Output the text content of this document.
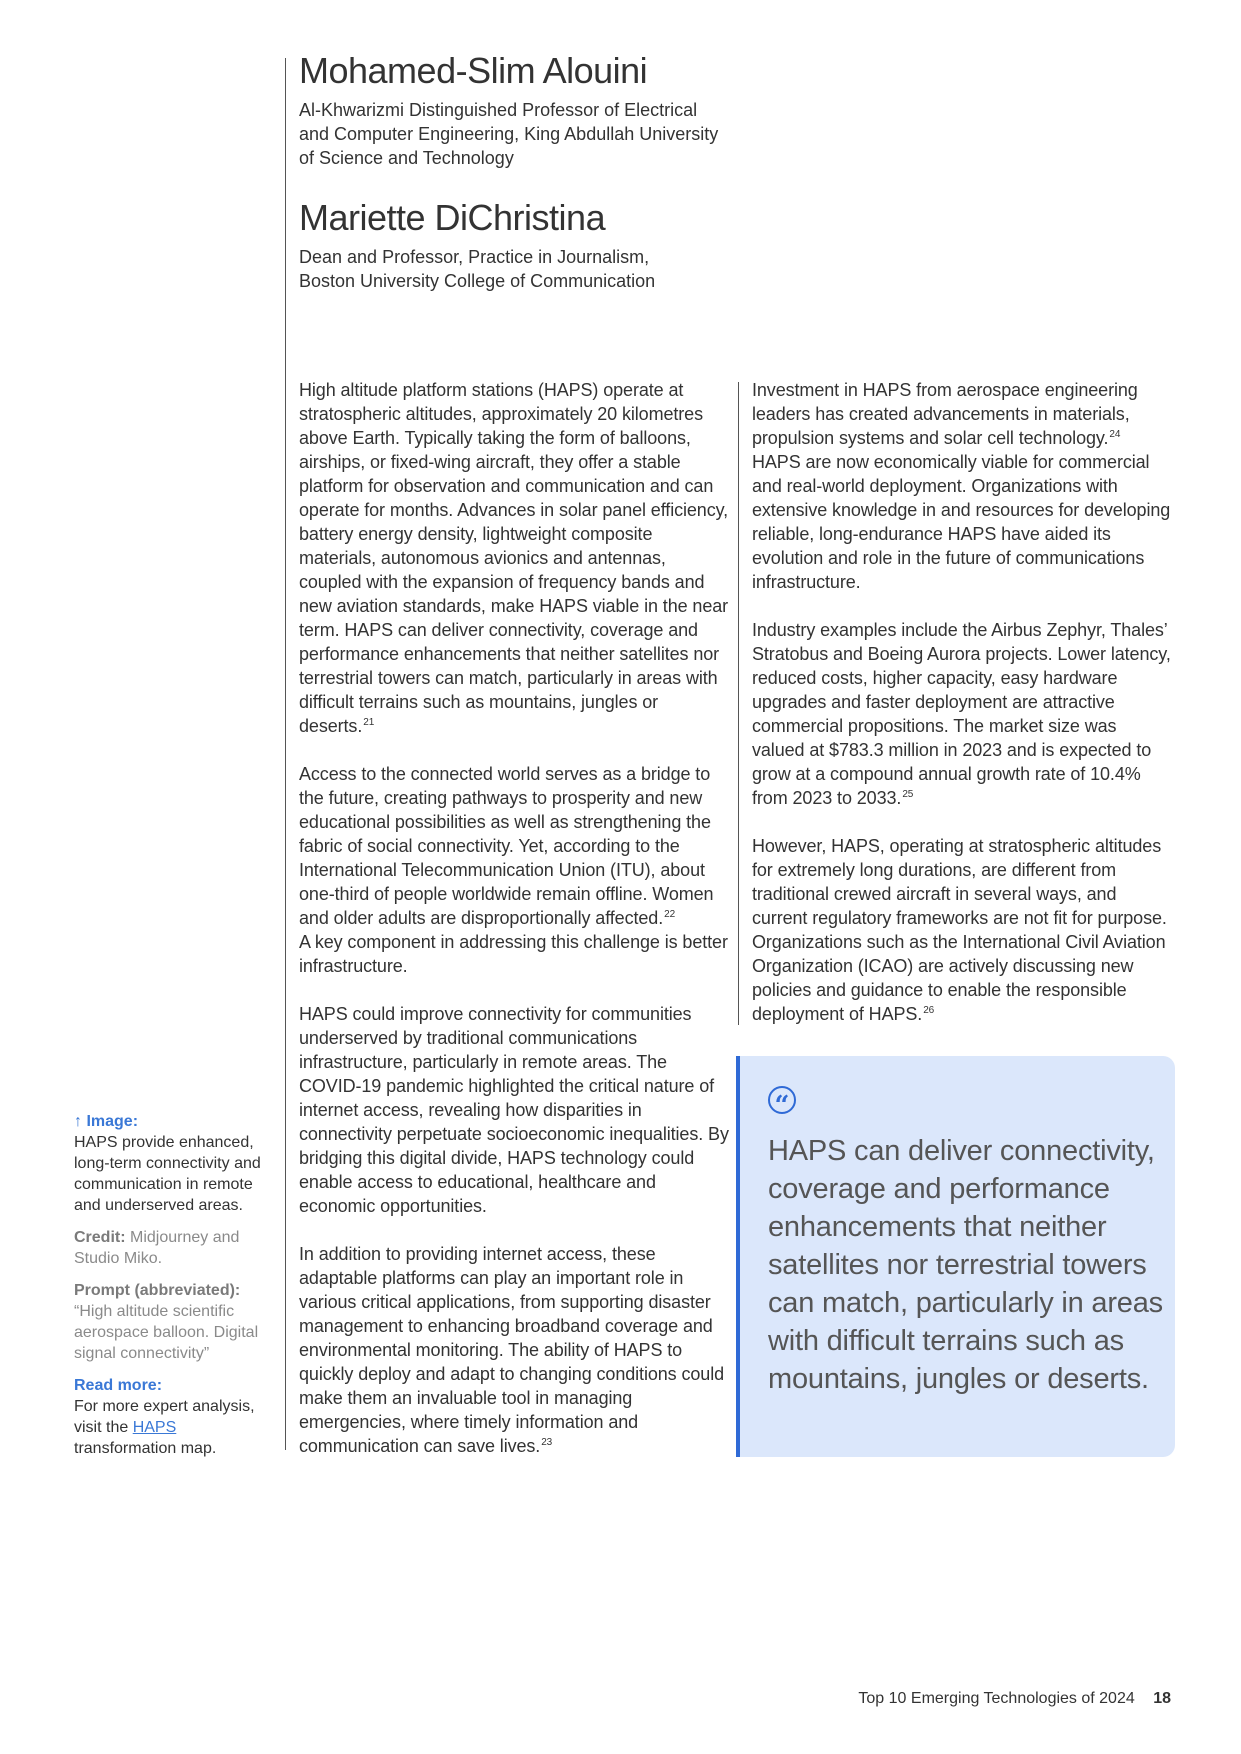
Mohamed-Slim Alouini
Al-Khwarizmi Distinguished Professor of Electrical
and Computer Engineering, King Abdullah University
of Science and Technology
Mariette DiChristina
Dean and Professor, Practice in Journalism,
Boston University College of Communication

High altitude platform stations (HAPS) operate at stratospheric altitudes, approximately 20 kilometres above Earth. Typically taking the form of balloons, airships, or fixed-wing aircraft, they offer a stable platform for observation and communication and can operate for months. Advances in solar panel efficiency, battery energy density, lightweight composite materials, autonomous avionics and antennas, coupled with the expansion of frequency bands and new aviation standards, make HAPS viable in the near term. HAPS can deliver connectivity, coverage and performance enhancements that neither satellites nor terrestrial towers can match, particularly in areas with difficult terrains such as mountains, jungles or deserts.$^{21}$

Access to the connected world serves as a bridge to the future, creating pathways to prosperity and new educational possibilities as well as strengthening the fabric of social connectivity. Yet, according to the International Telecommunication Union (ITU), about one-third of people worldwide remain offline. Women and older adults are disproportionally affected.$^{22}$
A key component in addressing this challenge is better infrastructure.

HAPS could improve connectivity for communities underserved by traditional communications infrastructure, particularly in remote areas. The COVID-19 pandemic highlighted the critical nature of internet access, revealing how disparities in connectivity perpetuate socioeconomic inequalities. By bridging this digital divide, HAPS technology could enable access to educational, healthcare and economic opportunities.

In addition to providing internet access, these adaptable platforms can play an important role in various critical applications, from supporting disaster management to enhancing broadband coverage and environmental monitoring. The ability of HAPS to quickly deploy and adapt to changing conditions could make them an invaluable tool in managing emergencies, where timely information and communication can save lives.$^{23}$

Investment in HAPS from aerospace engineering leaders has created advancements in materials, propulsion systems and solar cell technology.$^{24}$
HAPS are now economically viable for commercial and real-world deployment. Organizations with extensive knowledge in and resources for developing reliable, long-endurance HAPS have aided its evolution and role in the future of communications infrastructure.

Industry examples include the Airbus Zephyr, Thales’ Stratobus and Boeing Aurora projects. Lower latency, reduced costs, higher capacity, easy hardware upgrades and faster deployment are attractive commercial propositions. The market size was valued at $783.3 million in 2023 and is expected to grow at a compound annual growth rate of 10.4% from 2023 to 2033.25

However, HAPS, operating at stratospheric altitudes for extremely long durations, are different from traditional crewed aircraft in several ways, and current regulatory frameworks are not fit for purpose. Organizations such as the International Civil Aviation Organization (ICAO) are actively discussing new policies and guidance to enable the responsible deployment of HAPS.$^{26}$

“

HAPS can deliver connectivity, coverage and performance enhancements that neither satellites nor terrestrial towers can match, particularly in areas with difficult terrains such as mountains, jungles or deserts.

↑ Image:

HAPS provide enhanced, long-term connectivity and communication in remote and underserved areas.

Credit: Midjourney and Studio Miko.

Prompt (abbreviated):
“High altitude scientific aerospace balloon. Digital signal connectivity”

Read more:

For more expert analysis, visit the HAPS transformation map.

Top 10 Emerging Technologies of 2024 18
